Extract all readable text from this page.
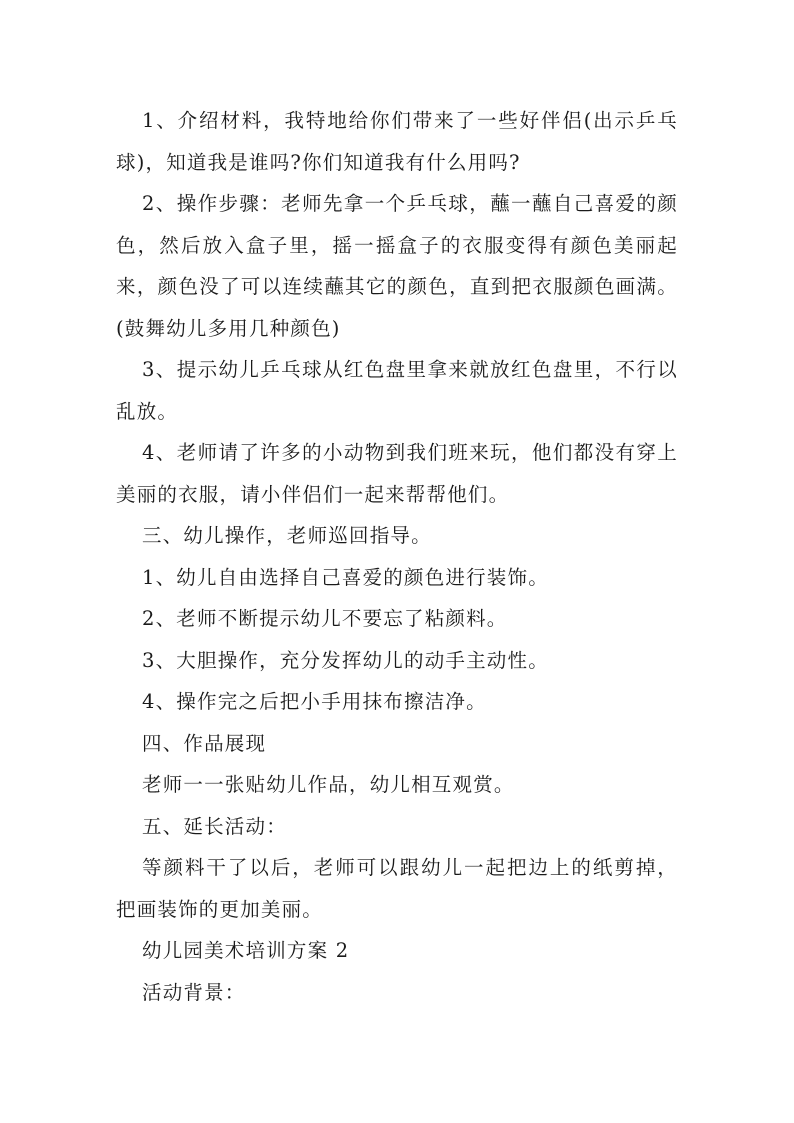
1、介绍材料，我特地给你们带来了一些好伴侣(出示乒乓球)，知道我是谁吗?你们知道我有什么用吗?

2、操作步骤：老师先拿一个乒乓球，蘸一蘸自己喜爱的颜色，然后放入盒子里，摇一摇盒子的衣服变得有颜色美丽起来，颜色没了可以连续蘸其它的颜色，直到把衣服颜色画满。(鼓舞幼儿多用几种颜色)

3、提示幼儿乒乓球从红色盘里拿来就放红色盘里，不行以乱放。

4、老师请了许多的小动物到我们班来玩，他们都没有穿上美丽的衣服，请小伴侣们一起来帮帮他们。

三、幼儿操作，老师巡回指导。

1、幼儿自由选择自己喜爱的颜色进行装饰。

2、老师不断提示幼儿不要忘了粘颜料。

3、大胆操作，充分发挥幼儿的动手主动性。

4、操作完之后把小手用抹布擦洁净。

四、作品展现

老师一一张贴幼儿作品，幼儿相互观赏。

五、延长活动：

等颜料干了以后，老师可以跟幼儿一起把边上的纸剪掉，把画装饰的更加美丽。

幼儿园美术培训方案 2

活动背景：
